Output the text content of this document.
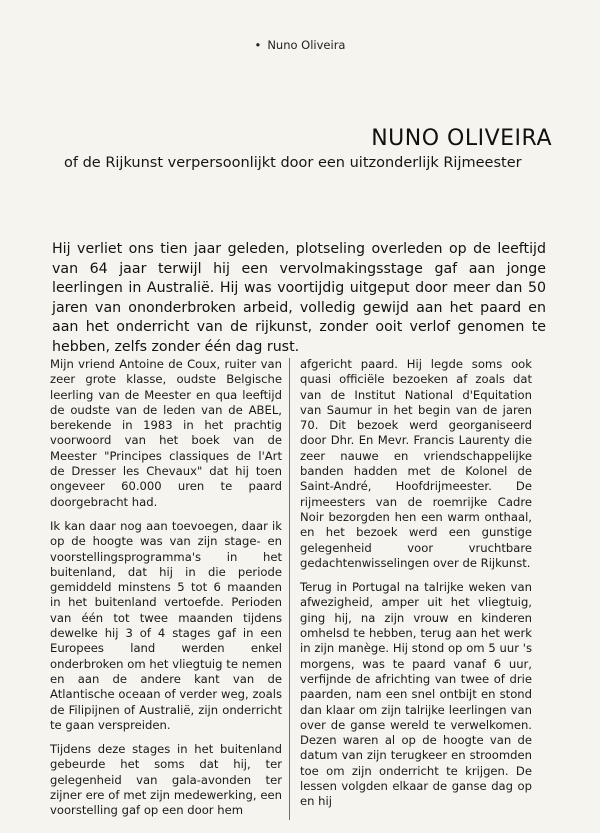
• Nuno Oliveira
NUNO OLIVEIRA
of de Rijkunst verpersoonlijkt door een uitzonderlijk Rijmeester
Hij verliet ons tien jaar geleden, plotseling overleden op de leeftijd van 64 jaar terwijl hij een vervolmakingsstage gaf aan jonge leerlingen in Australië. Hij was voortijdig uitgeput door meer dan 50 jaren van ononderbroken arbeid, volledig gewijd aan het paard en aan het onderricht van de rijkunst, zonder ooit verlof genomen te hebben, zelfs zonder één dag rust.

Mijn vriend Antoine de Coux, ruiter van zeer grote klasse, oudste Belgische leerling van de Meester en qua leeftijd de oudste van de leden van de ABEL, berekende in 1983 in het prachtig voorwoord van het boek van de Meester "Principes classiques de l'Art de Dresser les Chevaux" dat hij toen ongeveer 60.000 uren te paard doorgebracht had.

Ik kan daar nog aan toevoegen, daar ik op de hoogte was van zijn stage- en voorstellingsprogramma's in het buitenland, dat hij in die periode gemiddeld minstens 5 tot 6 maanden in het buitenland vertoefde. Perioden van één tot twee maanden tijdens dewelke hij 3 of 4 stages gaf in een Europees land werden enkel onderbroken om het vliegtuig te nemen en aan de andere kant van de Atlantische oceaan of verder weg, zoals de Filipijnen of Australië, zijn onderricht te gaan verspreiden.

Tijdens deze stages in het buitenland gebeurde het soms dat hij, ter gelegenheid van gala-avonden ter zijner ere of met zijn medewerking, een voorstelling gaf op een door hem

afgericht paard. Hij legde soms ook quasi officiële bezoeken af zoals dat van de Institut National d'Equitation van Saumur in het begin van de jaren 70. Dit bezoek werd georganiseerd door Dhr. En Mevr. Francis Laurenty die zeer nauwe en vriendschappelijke banden hadden met de Kolonel de Saint-André, Hoofdrijmeester. De rijmeesters van de roemrijke Cadre Noir bezorgden hen een warm onthaal, en het bezoek werd een gunstige gelegenheid voor vruchtbare gedachtenwisselingen over de Rijkunst.

Terug in Portugal na talrijke weken van afwezigheid, amper uit het vliegtuig, ging hij, na zijn vrouw en kinderen omhelsd te hebben, terug aan het werk in zijn manège. Hij stond op om 5 uur 's morgens, was te paard vanaf 6 uur, verfijnde de africhting van twee of drie paarden, nam een snel ontbijt en stond dan klaar om zijn talrijke leerlingen van over de ganse wereld te verwelkomen. Dezen waren al op de hoogte van de datum van zijn terugkeer en stroomden toe om zijn onderricht te krijgen. De lessen volgden elkaar de ganse dag op en hij
